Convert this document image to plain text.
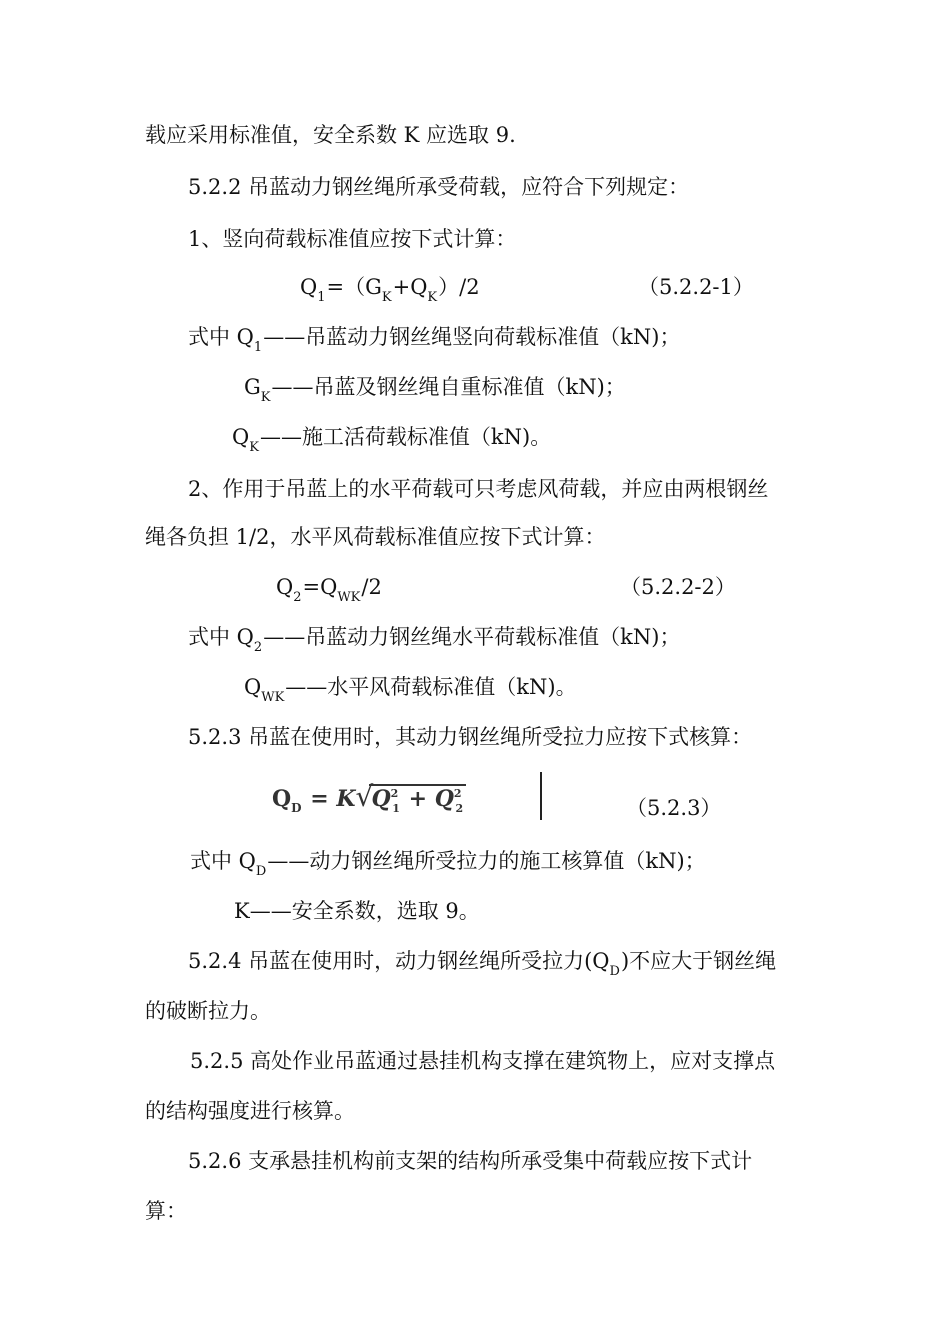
载应采用标准值，安全系数 K 应选取 9.
5.2.2 吊蓝动力钢丝绳所承受荷载，应符合下列规定：
1、竖向荷载标准值应按下式计算：
$Q_1=(G_K+Q_K)/2$	（5.2.2-1）
式中 $Q_1——$吊蓝动力钢丝绳竖向荷载标准值（kN)；
$G_K——$吊蓝及钢丝绳自重标准值（kN)；
$Q_K——$施工活荷载标准值（kN)。
2、作用于吊蓝上的水平荷载可只考虑风荷载，并应由两根钢丝
绳各负担 1/2，水平风荷载标准值应按下式计算：
$Q_2=Q_{WK}/2$	（5.2.2-2）
式中 $Q_2——$吊蓝动力钢丝绳水平荷载标准值（kN)；
$Q_{WK}——$水平风荷载标准值（kN)。
5.2.3 吊蓝在使用时，其动力钢丝绳所受拉力应按下式核算：
$Q_D = K$ √
$Q^2_1 + Q^2_2$	（5.2.3）
式中 $Q_D——$动力钢丝绳所受拉力的施工核算值（kN)；
K——安全系数，选取 9。
5.2.4 吊蓝在使用时，动力钢丝绳所受拉力$(Q_D)$不应大于钢丝绳
的破断拉力。
5.2.5 高处作业吊蓝通过悬挂机构支撑在建筑物上，应对支撑点
的结构强度进行核算。
5.2.6 支承悬挂机构前支架的结构所承受集中荷载应按下式计
算：
